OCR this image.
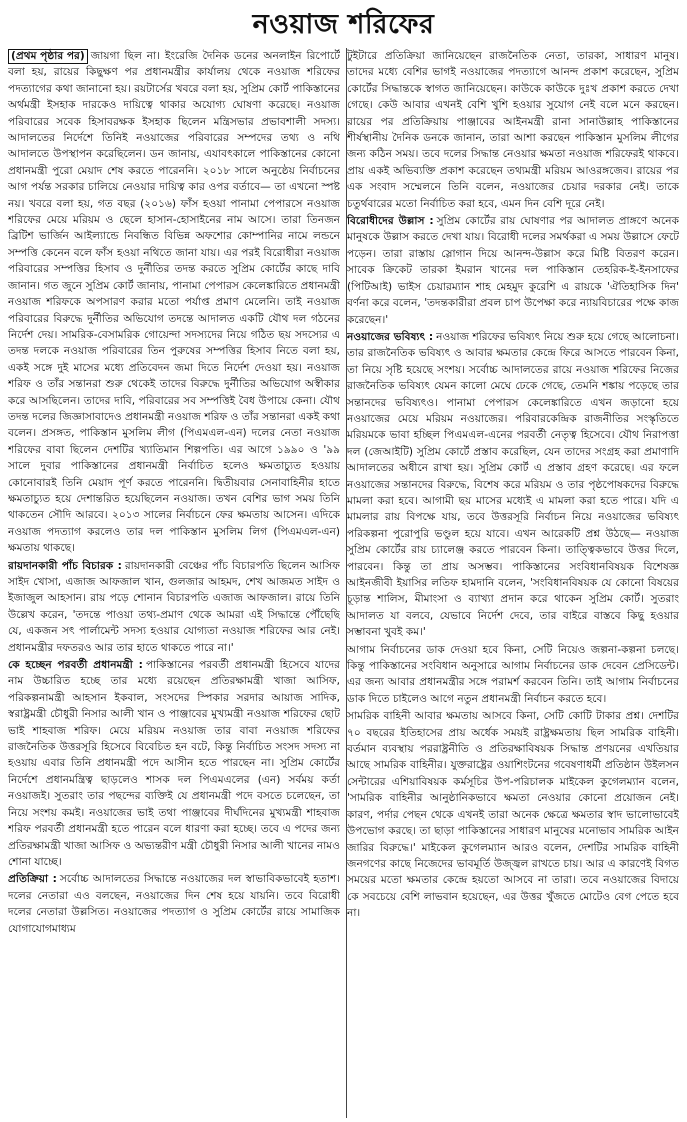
নওয়াজ শরিফের

(প্রথম পৃষ্ঠার পর) জায়গা ছিল না। ইংরেজি দৈনিক ডনের অনলাইন রিপোর্টে বলা হয়, রায়ের কিছুক্ষণ পর প্রধানমন্ত্রীর কার্যালয় থেকে নওয়াজ শরিফের পদত্যাগের কথা জানানো হয়। রয়টার্সের খবরে বলা হয়, সুপ্রিম কোর্ট পাকিস্তানের অর্থমন্ত্রী ইসহাক দারকেও দায়িত্বে থাকার অযোগ্য ঘোষণা করেছে। নওয়াজ পরিবারের সবেক হিসাবরক্ষক ইসহাক ছিলেন মন্ত্রিসভার প্রভাবশালী সদস্য। আদালতের নির্দেশে তিনিই নওয়াজের পরিবারের সম্পদের তথ্য ও নথি আদালতে উপস্থাপন করেছিলেন। ডন জানায়, এযাবৎকালে পাকিস্তানের কোনো প্রধানমন্ত্রী পুরো মেয়াদ শেষ করতে পারেননি। ২০১৮ সালে অনুষ্ঠেয় নির্বাচনের আগ পর্যন্ত সরকার চালিয়ে নেওয়ার দায়িত্ব কার ওপর বর্তাবে— তা এখনো স্পষ্ট নয়। খবরে বলা হয়, গত বছর (২০১৬) ফাঁস হওয়া পানামা পেপারসে নওয়াজ শরিফের মেয়ে মরিয়ম ও ছেলে হাসান-হোসাইনের নাম আসে। তারা তিনজন ব্রিটিশ ভার্জিন আইল্যান্ডে নিবন্ধিত বিভিন্ন অফশোর কোম্পানির নামে লন্ডনে সম্পত্তি কেনেন বলে ফাঁস হওয়া নথিতে জানা যায়। এর পরই বিরোধীরা নওয়াজ পরিবারের সম্পত্তির হিসাব ও দুর্নীতির তদন্ত করতে সুপ্রিম কোর্টের কাছে দাবি জানান। গত জুনে সুপ্রিম কোর্ট জানায়, পানামা পেপারস কেলেঙ্কারিতে প্রধানমন্ত্রী নওয়াজ শরিফকে অপসারণ করার মতো পর্যাপ্ত প্রমাণ মেলেনি। তাই নওয়াজ পরিবারের বিরুদ্ধে দুর্নীতির অভিযোগ তদন্তে আদালত একটি যৌথ দল গঠনের নির্দেশ দেয়। সামরিক-বেসামরিক গোয়েন্দা সদস্যদের নিয়ে গঠিত ছয় সদস্যের এ তদন্ত দলকে নওয়াজ পরিবারের তিন পুরুষের সম্পত্তির হিসাব নিতে বলা হয়, একই সঙ্গে দুই মাসের মধ্যে প্রতিবেদন জমা দিতে নির্দেশ দেওয়া হয়। নওয়াজ শরিফ ও তাঁর সন্তানরা শুরু থেকেই তাদের বিরুদ্ধে দুর্নীতির অভিযোগ অস্বীকার করে আসছিলেন। তাদের দাবি, পরিবারের সব সম্পত্তিই বৈধ উপায়ে কেনা। যৌথ তদন্ত দলের জিজ্ঞাসাবাদেও প্রধানমন্ত্রী নওয়াজ শরিফ ও তাঁর সন্তানরা একই কথা বলেন। প্রসঙ্গত, পাকিস্তান মুসলিম লীগ (পিএমএল-এন) দলের নেতা নওয়াজ শরিফের বাবা ছিলেন দেশটির খ্যাতিমান শিল্পপতি। এর আগে ১৯৯০ ও '৯৯ সালে দুবার পাকিস্তানের প্রধানমন্ত্রী নির্বাচিত হলেও ক্ষমতাচ্যুত হওয়ায় কোনোবারই তিনি মেয়াদ পূর্ণ করতে পারেননি। দ্বিতীয়বার সেনাবাহিনীর হাতে ক্ষমতাচ্যুত হয়ে দেশান্তরিত হয়েছিলেন নওয়াজ। তখন বেশির ভাগ সময় তিনি থাকতেন সৌদি আরবে। ২০১৩ সালের নির্বাচনে ফের ক্ষমতায় আসেন। এদিকে নওয়াজ পদত্যাগ করলেও তার দল পাকিস্তান মুসলিম লিগ (পিএমএল-এন) ক্ষমতায় থাকছে।

রায়দানকারী পাঁচ বিচারক : রায়দানকারী বেঞ্চের পাঁচ বিচারপতি ছিলেন আসিফ সাইদ খোসা, এজাজ আফজাল খান, গুলজার আহমদ, শেখ আজমত সাইদ ও ইজাজুল আহসান। রায় পড়ে শোনান বিচারপতি এজাজ আফজাল। রায়ে তিনি উল্লেখ করেন, 'তদন্তে পাওয়া তথ্য-প্রমাণ থেকে আমরা এই সিদ্ধান্তে পৌঁছেছি যে, একজন সৎ পার্লামেন্ট সদস্য হওয়ার যোগ্যতা নওয়াজ শরিফের আর নেই। প্রধানমন্ত্রীর দফতরও আর তার হাতে থাকতে পারে না।'

কে হচ্ছেন পরবর্তী প্রধানমন্ত্রী : পাকিস্তানের পরবর্তী প্রধানমন্ত্রী হিসেবে যাদের নাম উচ্চারিত হচ্ছে তার মধ্যে রয়েছেন প্রতিরক্ষামন্ত্রী খাজা আসিফ, পরিকল্পনামন্ত্রী আহসান ইকবাল, সংসদের স্পিকার সরদার আয়াজ সাদিক, স্বরাষ্ট্রমন্ত্রী চৌধুরী নিসার আলী খান ও পাঞ্জাবের মুখ্যমন্ত্রী নওয়াজ শরিফের ছোট ভাই শাহবাজ শরিফ। মেয়ে মরিয়ম নওয়াজ তার বাবা নওয়াজ শরিফের রাজনৈতিক উত্তরসূরি হিসেবে বিবেচিত হন বটে, কিন্তু নির্বাচিত সংসদ সদস্য না হওয়ায় এবার তিনি প্রধানমন্ত্রী পদে আসীন হতে পারছেন না। সুপ্রিম কোর্টের নির্দেশে প্রধানমন্ত্রিত্ব ছাড়লেও শাসক দল পিএমএলের (এন) সর্বময় কর্তা নওয়াজই। সুতরাং তার পছন্দের ব্যক্তিই যে প্রধানমন্ত্রী পদে বসতে চলেছেন, তা নিয়ে সংশয় কমই। নওয়াজের ভাই তথা পাঞ্জাবের দীর্ঘদিনের মুখ্যমন্ত্রী শাহবাজ শরিফ পরবর্তী প্রধানমন্ত্রী হতে পারেন বলে ধারণা করা হচ্ছে। তবে এ পদের জন্য প্রতিরক্ষামন্ত্রী খাজা আসিফ ও অভ্যন্তরীণ মন্ত্রী চৌধুরী নিসার আলী খানের নামও শোনা যাচ্ছে।

প্রতিক্রিয়া : সর্বোচ্চ আদালতের সিদ্ধান্তে নওয়াজের দল স্বাভাবিকভাবেই হতাশ। দলের নেতারা এও বলছেন, নওয়াজের দিন শেষ হয়ে যায়নি। তবে বিরোধী দলের নেতারা উল্লসিত। নওয়াজের পদত্যাগ ও সুপ্রিম কোর্টের রায়ে সামাজিক যোগাযোগমাধ্যম

টুইটারে প্রতিক্রিয়া জানিয়েছেন রাজনৈতিক নেতা, তারকা, সাধারণ মানুষ। তাদের মধ্যে বেশির ভাগই নওয়াজের পদত্যাগে আনন্দ প্রকাশ করেছেন, সুপ্রিম কোর্টের সিদ্ধান্তকে স্বাগত জানিয়েছেন। কাউকে কাউকে দুঃখ প্রকাশ করতে দেখা গেছে। কেউ আবার এখনই বেশি খুশি হওয়ার সুযোগ নেই বলে মনে করছেন। রায়ের পর প্রতিক্রিয়ায় পাঞ্জাবের আইনমন্ত্রী রানা সানাউল্লাহ পাকিস্তানের শীর্ষস্থানীয় দৈনিক ডনকে জানান, তারা আশা করছেন পাকিস্তান মুসলিম লীগের জন্য কঠিন সময়। তবে দলের সিদ্ধান্ত নেওয়ার ক্ষমতা নওয়াজ শরিফেরই থাকবে। প্রায় একই অভিব্যক্তি প্রকাশ করেছেন তথ্যমন্ত্রী মরিয়ম আওরঙ্গজেব। রায়ের পর এক সংবাদ সম্মেলনে তিনি বলেন, নওয়াজের চেয়ার দরকার নেই। তাকে চতুর্থবারের মতো নির্বাচিত করা হবে, এমন দিন বেশি দূরে নেই।

বিরোধীদের উল্লাস : সুপ্রিম কোর্টের রায় ঘোষণার পর আদালত প্রাঙ্গণে অনেক মানুষকে উল্লাস করতে দেখা যায়। বিরোধী দলের সমর্থকরা এ সময় উল্লাসে ফেটে পড়েন। তারা রাস্তায় স্লোগান দিয়ে আনন্দ-উল্লাস করে মিষ্টি বিতরণ করেন। সাবেক ক্রিকেট তারকা ইমরান খানের দল পাকিস্তান তেহরিক-ই-ইনসাফের (পিটিআই) ভাইস চেয়ারম্যান শাহ মেহমুদ কুরেশি এ রায়কে 'ঐতিহাসিক দিন' বর্ণনা করে বলেন, 'তদন্তকারীরা প্রবল চাপ উপেক্ষা করে ন্যায়বিচারের পক্ষে কাজ করেছেন।'

নওয়াজের ভবিষ্যৎ : নওয়াজ শরিফের ভবিষ্যৎ নিয়ে শুরু হয়ে গেছে আলোচনা। তার রাজনৈতিক ভবিষ্যৎ ও আবার ক্ষমতার কেন্দ্রে ফিরে আসতে পারবেন কিনা, তা নিয়ে সৃষ্টি হয়েছে সংশয়। সর্বোচ্চ আদালতের রায়ে নওয়াজ শরিফের নিজের রাজনৈতিক ভবিষ্যৎ যেমন কালো মেঘে ঢেকে গেছে, তেমনি শঙ্কায় পড়েছে তার সন্তানদের ভবিষ্যৎও। পানামা পেপারস কেলেঙ্কারিতে এখন জড়ানো হয়ে নওয়াজের মেয়ে মরিয়ম নওয়াজের। পরিবারকেন্দ্রিক রাজনীতির সংস্কৃতিতে মরিয়মকে ভাবা হচ্ছিল পিএমএল-এনের পরবর্তী নেতৃত্ব হিসেবে। যৌথ নিরাপত্তা দল (জেআইটি) সুপ্রিম কোর্টে প্রস্তাব করেছিল, যেন তাদের সংগ্রহ করা প্রমাণাদি আদালতের অধীনে রাখা হয়। সুপ্রিম কোর্ট এ প্রস্তাব গ্রহণ করেছে। এর ফলে নওয়াজের সন্তানদের বিরুদ্ধে, বিশেষ করে মরিয়ম ও তার পৃষ্ঠপোষকদের বিরুদ্ধে মামলা করা হবে। আগামী ছয় মাসের মধ্যেই এ মামলা করা হতে পারে। যদি এ মামলার রায় বিপক্ষে যায়, তবে উত্তরসূরি নির্বাচন নিয়ে নওয়াজের ভবিষ্যৎ পরিকল্পনা পুরোপুরি ভণ্ডুল হয়ে যাবে। এখন আরেকটি প্রশ্ন উঠছে— নওয়াজ সুপ্রিম কোর্টের রায় চ্যালেঞ্জ করতে পারবেন কিনা। তাত্ত্বিকভাবে উত্তর দিলে, পারবেন। কিন্তু তা প্রায় অসম্ভব। পাকিস্তানের সংবিধানবিষয়ক বিশেষজ্ঞ আইনজীবী ইয়াসির লতিফ হামদানি বলেন, 'সংবিধানবিষয়ক যে কোনো বিষয়ের চূড়ান্ত শালিস, মীমাংসা ও ব্যাখ্যা প্রদান করে থাকেন সুপ্রিম কোর্ট। সুতরাং আদালত যা বলবে, যেভাবে নির্দেশ দেবে, তার বাইরে বাস্তবে কিছু হওয়ার সম্ভাবনা খুবই কম।'

আগাম নির্বাচনের ডাক দেওয়া হবে কিনা, সেটি নিয়েও জল্পনা-কল্পনা চলছে। কিন্তু পাকিস্তানের সংবিধান অনুসারে আগাম নির্বাচনের ডাক দেবেন প্রেসিডেন্ট। এর জন্য আবার প্রধানমন্ত্রীর সঙ্গে পরামর্শ করবেন তিনি। তাই আগাম নির্বাচনের ডাক দিতে চাইলেও আগে নতুন প্রধানমন্ত্রী নির্বাচন করতে হবে।

সামরিক বাহিনী আবার ক্ষমতায় আসবে কিনা, সেটি কোটি টাকার প্রশ্ন। দেশটির ৭০ বছরের ইতিহাসের প্রায় অর্ধেক সময়ই রাষ্ট্রক্ষমতায় ছিল সামরিক বাহিনী। বর্তমান ব্যবস্থায় পররাষ্ট্রনীতি ও প্রতিরক্ষাবিষয়ক সিদ্ধান্ত প্রণয়নের এখতিয়ার আছে সামরিক বাহিনীর। যুক্তরাষ্ট্রের ওয়াশিংটনের গবেষণাধর্মী প্রতিষ্ঠান উইলসন সেন্টারের এশিয়াবিষয়ক কর্মসূচির উপ-পরিচালক মাইকেল কুগেলম্যান বলেন, 'সামরিক বাহিনীর আনুষ্ঠানিকভাবে ক্ষমতা নেওয়ার কোনো প্রয়োজন নেই। কারণ, পর্দার পেছন থেকে এখনই তারা অনেক ক্ষেত্রে ক্ষমতার স্বাদ ভালোভাবেই উপভোগ করছে। তা ছাড়া পাকিস্তানের সাধারণ মানুষের মনোভাব সামরিক আইন জারির বিরুদ্ধে।' মাইকেল কুগেলম্যান আরও বলেন, দেশটির সামরিক বাহিনী জনগণের কাছে নিজেদের ভাবমূর্তি উজ্জ্বল রাখতে চায়। আর এ কারণেই বিগত সময়ের মতো ক্ষমতার কেন্দ্রে হয়তো আসবে না তারা। তবে নওয়াজের বিদায়ে কে সবচেয়ে বেশি লাভবান হয়েছেন, এর উত্তর খুঁজতে মোটেও বেগ পেতে হবে না।
